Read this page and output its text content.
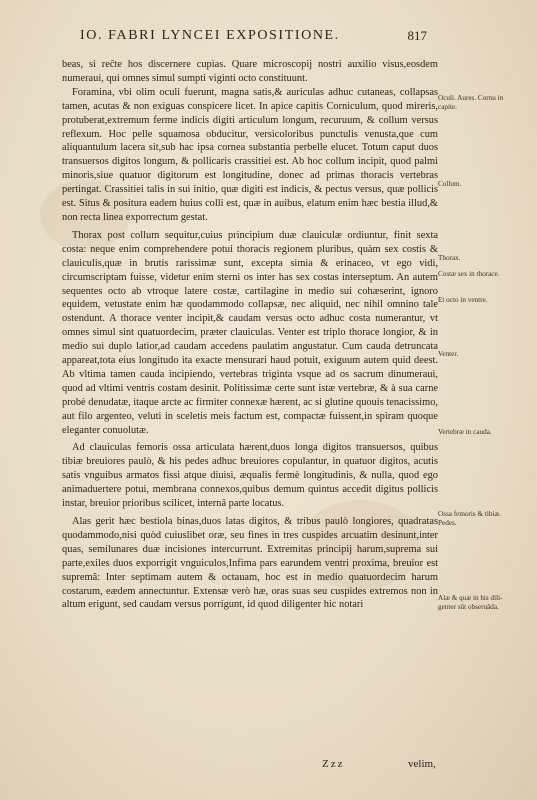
IO. FABRI LYNCEI EXPOSITIONE.	817

beas, si reĉte hos discernere cupias. Quare microscopij nostri auxilio visus,eosdem numeraui, qui omnes simul sumpti viginti octo constituunt.

Foramina, vbi olim oculi fuerunt, magna satis,& auriculas adhuc cutaneas, collapsas tamen, acutas & non exiguas conspicere licet. In apice capitis Corniculum, quod mireris, protuberat,extremum ferme indicis digiti articulum longum, recuruum, & collum versus reflexum. Hoc pelle squamosa obducitur, versicoloribus punctulis venusta,que cum aliquantulum lacera sit,sub hac ipsa cornea substantia perbelle elucet. Totum caput duos transuersos digitos longum, & pollicaris crassitiei est. Ab hoc collum incipit, quod palmi minoris,siue quatuor digitorum est longitudine, donec ad primas thoracis vertebras pertingat. Crassitiei talis in sui initio, quæ digiti est indicis, & pectus versus, quæ pollicis est. Situs & positura eadem huius colli est, quæ in auibus, elatum enim hæc bestia illud,& non recta linea exporrectum gestat.

Thorax post collum sequitur,cuius principium duæ clauiculæ ordiuntur, finit sexta costa: neque enim comprehendere potui thoracis regionem pluribus, quàm sex costis & clauiculis,quæ in brutis rarissimæ sunt, excepta simia & erinaceo, vt ego vidi, circumscriptam fuisse, videtur enim sterni os inter has sex costas interseptum. An autem sequentes octo ab vtroque latere costæ, cartilagine in medio sui cohæserint, ignoro equidem, vetustate enim hæ quodammodo collapsæ, nec aliquid, nec nihil omnino tale ostendunt. A thorace venter incipit,& caudam versus octo adhuc costa numerantur, vt omnes simul sint quatuordecim, præter clauiculas. Venter est triplo thorace longior, & in medio sui duplo latior,ad caudam accedens paulatim angustatur. Cum cauda detruncata appareat,tota eius longitudo ita exacte mensurari haud potuit, exiguum autem quid deest. Ab vltima tamen cauda incipiendo, vertebras triginta vsque ad os sacrum dinumeraui, quod ad vltimi ventris costam desinit. Politissimæ certe sunt istæ vertebræ, & à sua carne probè denudatæ, itaque arcte ac firmiter connexæ hærent, ac si glutine quouis tenacissimo, aut filo argenteo, veluti in sceletis meis factum est, compactæ fuissent,in spiram quoque eleganter conuolutæ.

Ad clauiculas femoris ossa articulata hærent,duos longa digitos transuersos, quibus tibiæ breuiores paulò, & his pedes adhuc breuiores copulantur, in quatuor digitos, acutis satis vnguibus armatos fissi atque diuisi, æqualis fermè longitudinis, & nulla, quod ego animaduertere potui, membrana connexos,quibus demum quintus accedit digitus pollicis instar, breuior prioribus scilicet, internâ parte locatus.

Alas gerit hæc bestiola binas,duos latas digitos, & tribus paulò longiores, quadratas quodammodo,nisi quòd cuiuslibet oræ, seu fines in tres cuspides arcuatim desinunt,inter quas, semilunares duæ incisiones intercurrunt. Extremitas principij harum,suprema sui parte,exiles duos exporrigit vnguiculos,Infima pars earundem ventri proxima, breuior est supremâ: Inter septimam autem & octauam, hoc est in medio quatuordecim harum costarum, eædem annectuntur. Extensæ verò hæ, oras suas seu cuspides extremos non in altum erigunt, sed caudam versus porrigunt, id quod diligenter hic notari

Oculi. Aures. Cornu in capite.
Collum.
Thorax.
Costæ sex in thorace.
Et octo in ventre.
Venter.
Vertebræ in cauda.
Ossa femoris & tibiæ. Pedes.
Alæ & quæ in his diligenter sūt obseruāda.
Zzz	velim,
